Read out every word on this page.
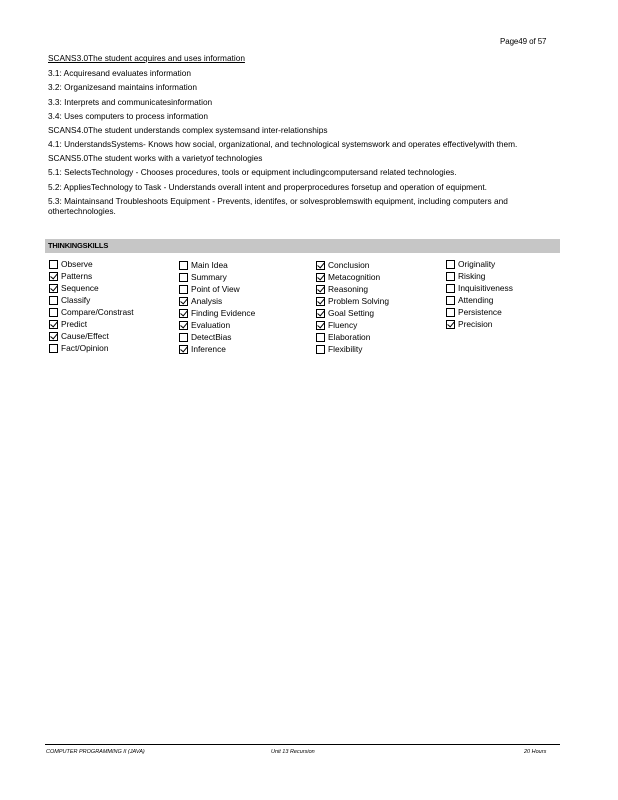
Page49 of 57

SCANS3.0The student acquires and uses information

3.1: Acquiresand evaluates information

3.2: Organizesand maintains information

3.3: Interprets and communicatesinformation

3.4: Uses computers to process information

SCANS4.0The student understands complex systemsand inter-relationships

4.1: UnderstandsSystems- Knows how social, organizational, and technological systemswork and operates effectivelywith them.

SCANS5.0The student works with a varietyof technologies

5.1: SelectsTechnology - Chooses procedures, tools or equipment includingcomputersand related technologies.

5.2: AppliesTechnology to Task - Understands overall intent and properprocedures forsetup and operation of equipment.

5.3: Maintainsand Troubleshoots Equipment - Prevents, identifes, or solvesproblemswith equipment, including computers and othertechnologies.

THINKINGSKILLS
Observe
Patterns
Sequence
Classify
Compare/Constrast
Predict
Cause/Effect
Fact/Opinion
Main Idea
Summary
Point of View
Analysis
Finding Evidence
Evaluation
DetectBias
Inference
Conclusion
Metacognition
Reasoning
Problem Solving
Goal Setting
Fluency
Elaboration
Flexibility
Originality
Risking
Inquisitiveness
Attending
Persistence
Precision
COMPUTER PROGRAMMING II (JAVA)	Unit 13 Recursion	20 Hours
